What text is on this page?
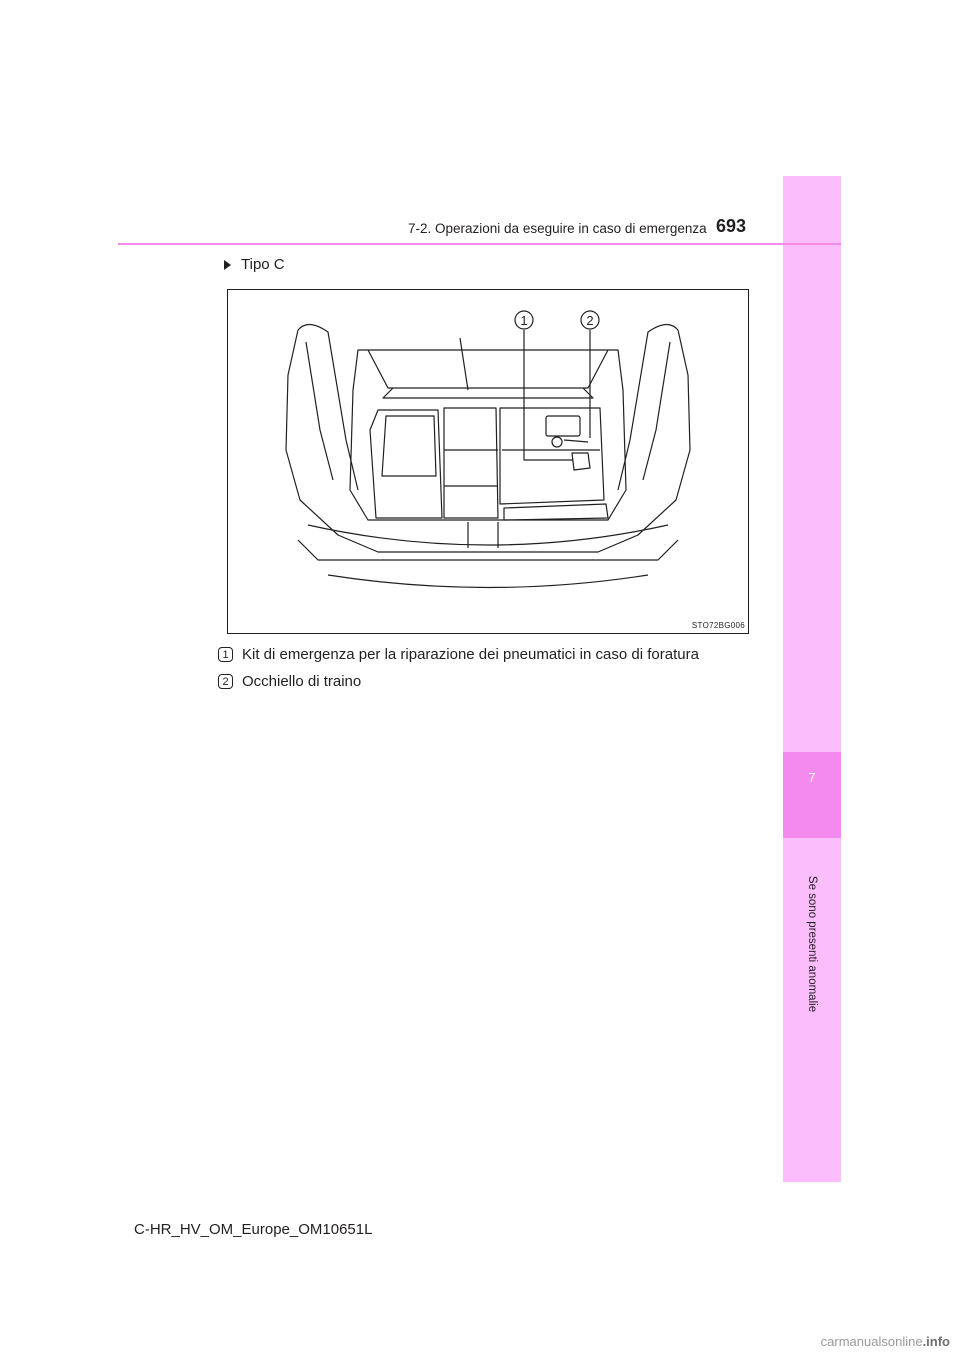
7
Se sono presenti anomalie
7-2. Operazioni da eseguire in caso di emergenza 693
Tipo C
1	2
STO72BG006
1 Kit di emergenza per la riparazione dei pneumatici in caso di foratura
2 Occhiello di traino
C-HR_HV_OM_Europe_OM10651L
carmanualsonline.info
